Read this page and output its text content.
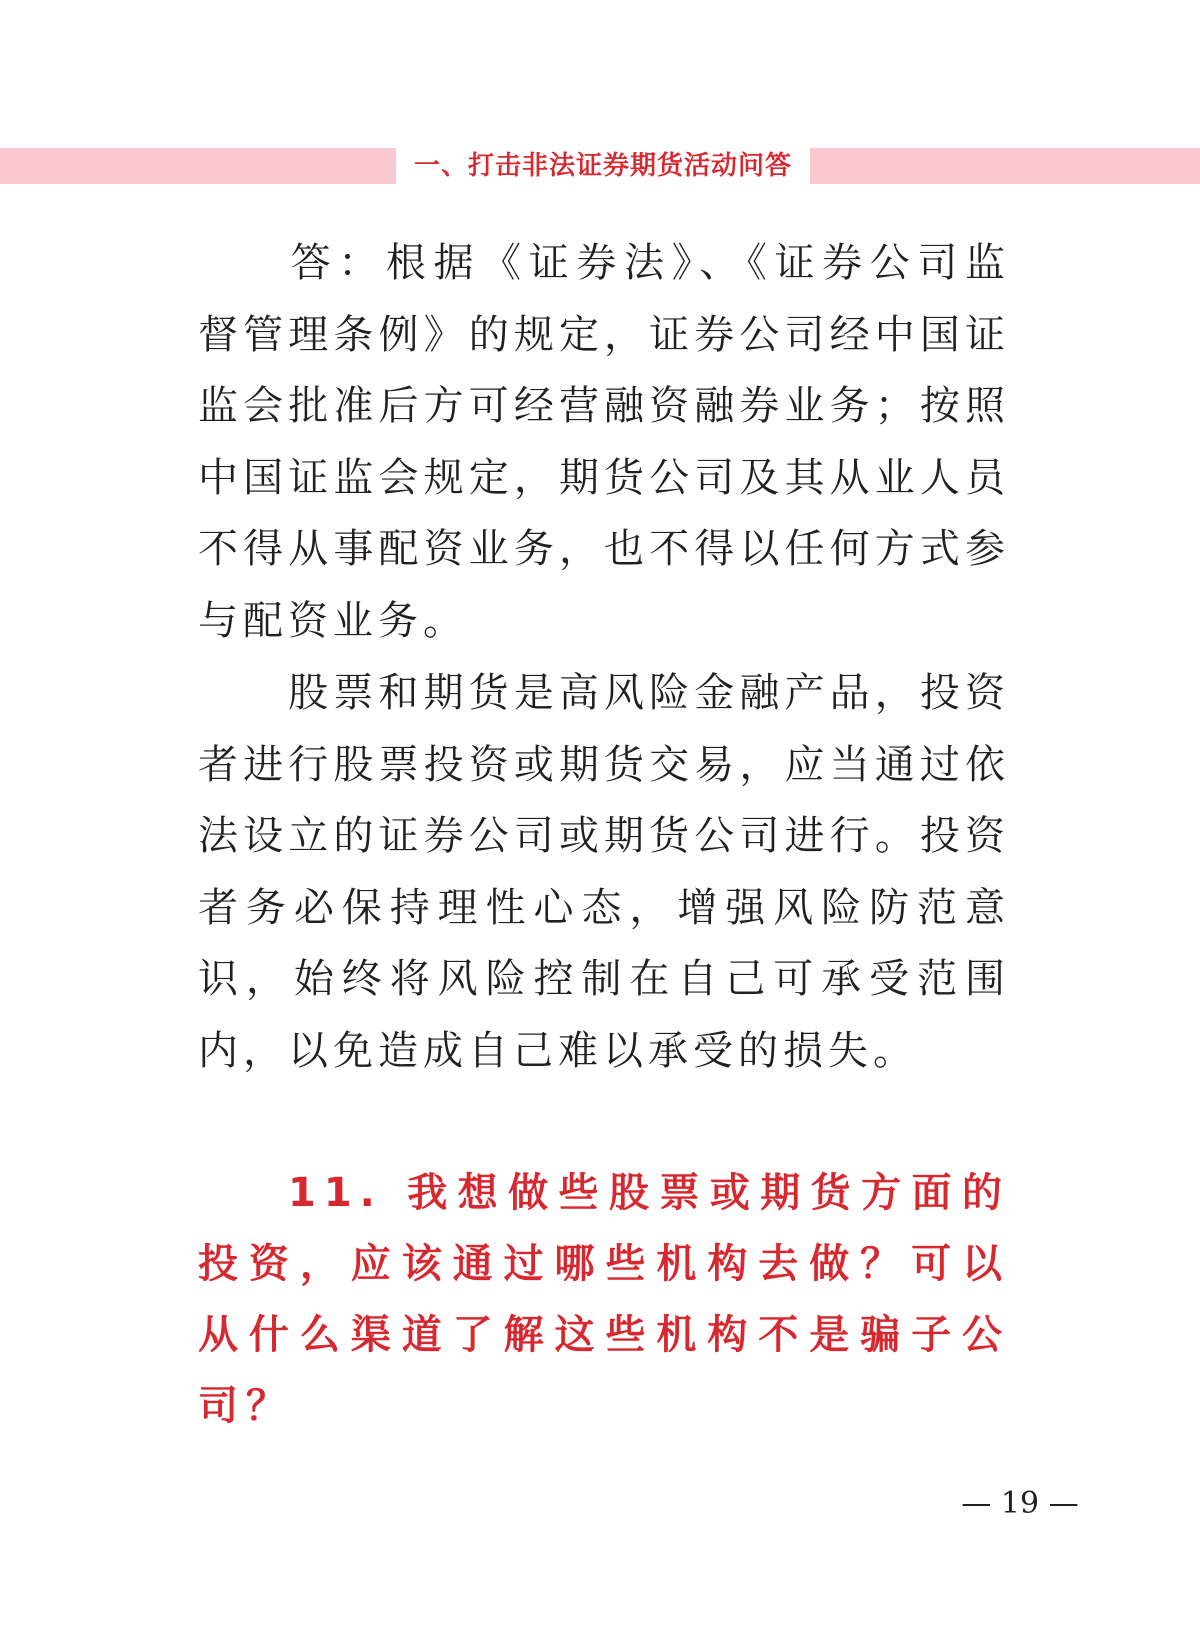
一、打击非法证券期货活动问答

答：根据《证券法》、《证券公司监督管理条例》的规定，证券公司经中国证监会批准后方可经营融资融券业务；按照中国证监会规定，期货公司及其从业人员不得从事配资业务，也不得以任何方式参与配资业务。

股票和期货是高风险金融产品，投资者进行股票投资或期货交易，应当通过依法设立的证券公司或期货公司进行。投资者务必保持理性心态，增强风险防范意识，始终将风险控制在自己可承受范围内，以免造成自己难以承受的损失。

11. 我想做些股票或期货方面的投资，应该通过哪些机构去做？可以从什么渠道了解这些机构不是骗子公司？

— 19 —
